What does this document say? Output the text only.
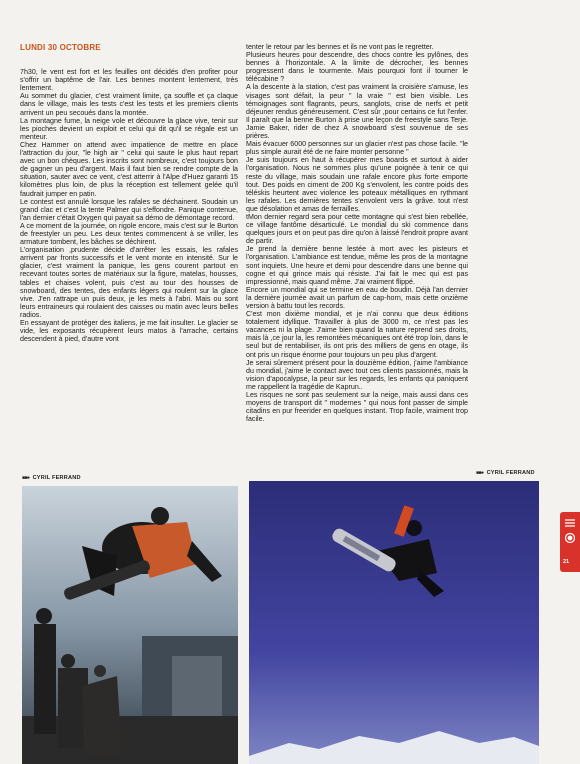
LUNDI 30 OCTOBRE

7h30, le vent est fort et les feuilles ont décidés d'en profiter pour s'offrir un baptême de l'air. Les bennes montent lentement, très lentement.

Au sommet du glacier, c'est vraiment limite, ça souffle et ça claque dans le village, mais les tests c'est les tests et les premiers clients arrivent un peu secoués dans la montée.

La montagne fume, la neige vole et découvre la glace vive, tenir sur les pioches devient un exploit et celui qui dit qu'il se régale est un menteur.

Chez Hammer on attend avec impatience de mettre en place l'attraction du jour, "le high air " celui qui saute le plus haut repart avec un bon chèques. Les inscrits sont nombreux, c'est toujours bon de gagner un peu d'argent. Mais il faut bien se rendre compte de la situation, sauter avec ce vent, c'est atterrir à l'Alpe d'Huez garanti 15 kilomètres plus loin, de plus la réception est tellement gelée qu'il faudrait jumper en patin.

Le contest est annulé lorsque les rafales se déchainent. Soudain un grand clac et c'est la tente Palmer qui s'effondre. Panique contenue, l'an dernier c'était Oxygen qui payait sa démo de démontage record.

A ce moment de la journée, on rigole encore, mais c'est sur le Burton de freestyler un peu. Les deux tentes commencent à se vriller, les armature tombent, les bâches se déchirent.

L'organisation ,prudente décide d'arrêter les essais, les rafales arrivent par fronts successifs et le vent monte en intensité. Sur le glacier, c'est vraiment la panique, les gens courent partout en recevant toutes sortes de matériaux sur la figure, matelas, housses, tables et chaises volent, puis c'est au tour des housses de snowboard, des tentes, des enfants légers qui roulent sur la glace vive. J'en rattrape un puis deux, je les mets à l'abri. Mais ou sont leurs entraineurs qui roulaient des caisses ou matin avec leurs belles radios.

En essayant de protéger des italiens, je me fait insulter. Le glacier se vide, les exposants récupèrent leurs matos à l'arrache, certains descendent à pied, d'autre vont

tenter le retour par les bennes et ils ne vont pas le regretter.

Plusieurs heures pour descendre, des chocs contre les pylônes, des bennes à l'horizontale. A la limite de décrocher, les bennes progressent dans le tourmente. Mais pourquoi font il tourner le télécabine ?

A la descente à la station, c'est pas vraiment la croisière s'amuse, les visages sont défait, la peur " la vraie " est bien visible. Les témoignages sont flagrants, peurs, sanglots, crise de nerfs et petit déjeuner rendus généreusement. C'est sûr ,pour certains ce fut l'enfer. Il paraît que la benne Burton à prise une leçon de freestyle sans Terje. Jamie Baker, rider de chez A snowboard s'est souvenue de ses prières.

Mais évacuer 6000 personnes sur un glacier n'est pas chose facile. "le plus simple aurait été de ne faire monter personne "

Je suis toujours en haut à récupérer mes boards et surtout à aider l'organisation. Nous ne sommes plus qu'une poignée à tenir ce qui reste du village, mais soudain une rafale encore plus forte emporte tout. Des poids en ciment de 200 Kg s'envolent, les contre poids des téléskis heurtent avec violence les poteaux métalliques en rythmant les rafales. Les dernières tentes s'envolent vers la grâve. tout n'est que désolation et amas de ferrailles.

tMon dernier regard sera pour cette montagne qui s'est bien rebellée, ce village fantôme désarticulé. Le mondial du ski commence dans quelques jours et on peut pas dire qu'on à laissé l'endroit propre avant de partir.

Je prend la dernière benne lestée à mort avec les pisteurs et l'organisation. L'ambiance est tendue, même les pros de la montagne sont inquiets. Une heure et demi pour descendre dans une benne qui cogne et qui grince mais qui résiste. J'ai fait le mec qui est pas impressionné, mais quand même. J'ai vraiment flippé.

Encore un mondial qui se termine en eau de boudin. Déjà l'an dernier la dernière journée avait un parfum de cap-horn, mais cette onzième version à battu tout les records.

C'est mon dixième mondial, et je n'ai connu que deux éditions totalement idyllique. Travailler à plus de 3000 m, ce n'est pas les vacances ni la plage. J'aime bien quand la nature reprend ses droits, mais là ,ce jour la, les remontées mécaniques ont été trop loin, dans le seul but de rentabiliser, ils ont pris des milliers de gens en otage, ils ont pris un risque énorme pour toujours un peu plus d'argent.

Je serai sûrement présent pour la douzième édition, j'aime l'ambiance du mondial, j'aime le contact avec tout ces clients passionnés, mais la vision d'apocalypse, la peur sur les regards, les enfants qui paniquent me rappellent la tragédie de Kaprun..

Les risques ne sont pas seulement sur la neige, mais aussi dans ces moyens de transport dit " modernes " qui nous font passer de simple citadins en pur freerider en quelques instant. Trop facile, vraiment trop facile.

■■● CYRIL FERRAND
■■● CYRIL FERRAND
21
